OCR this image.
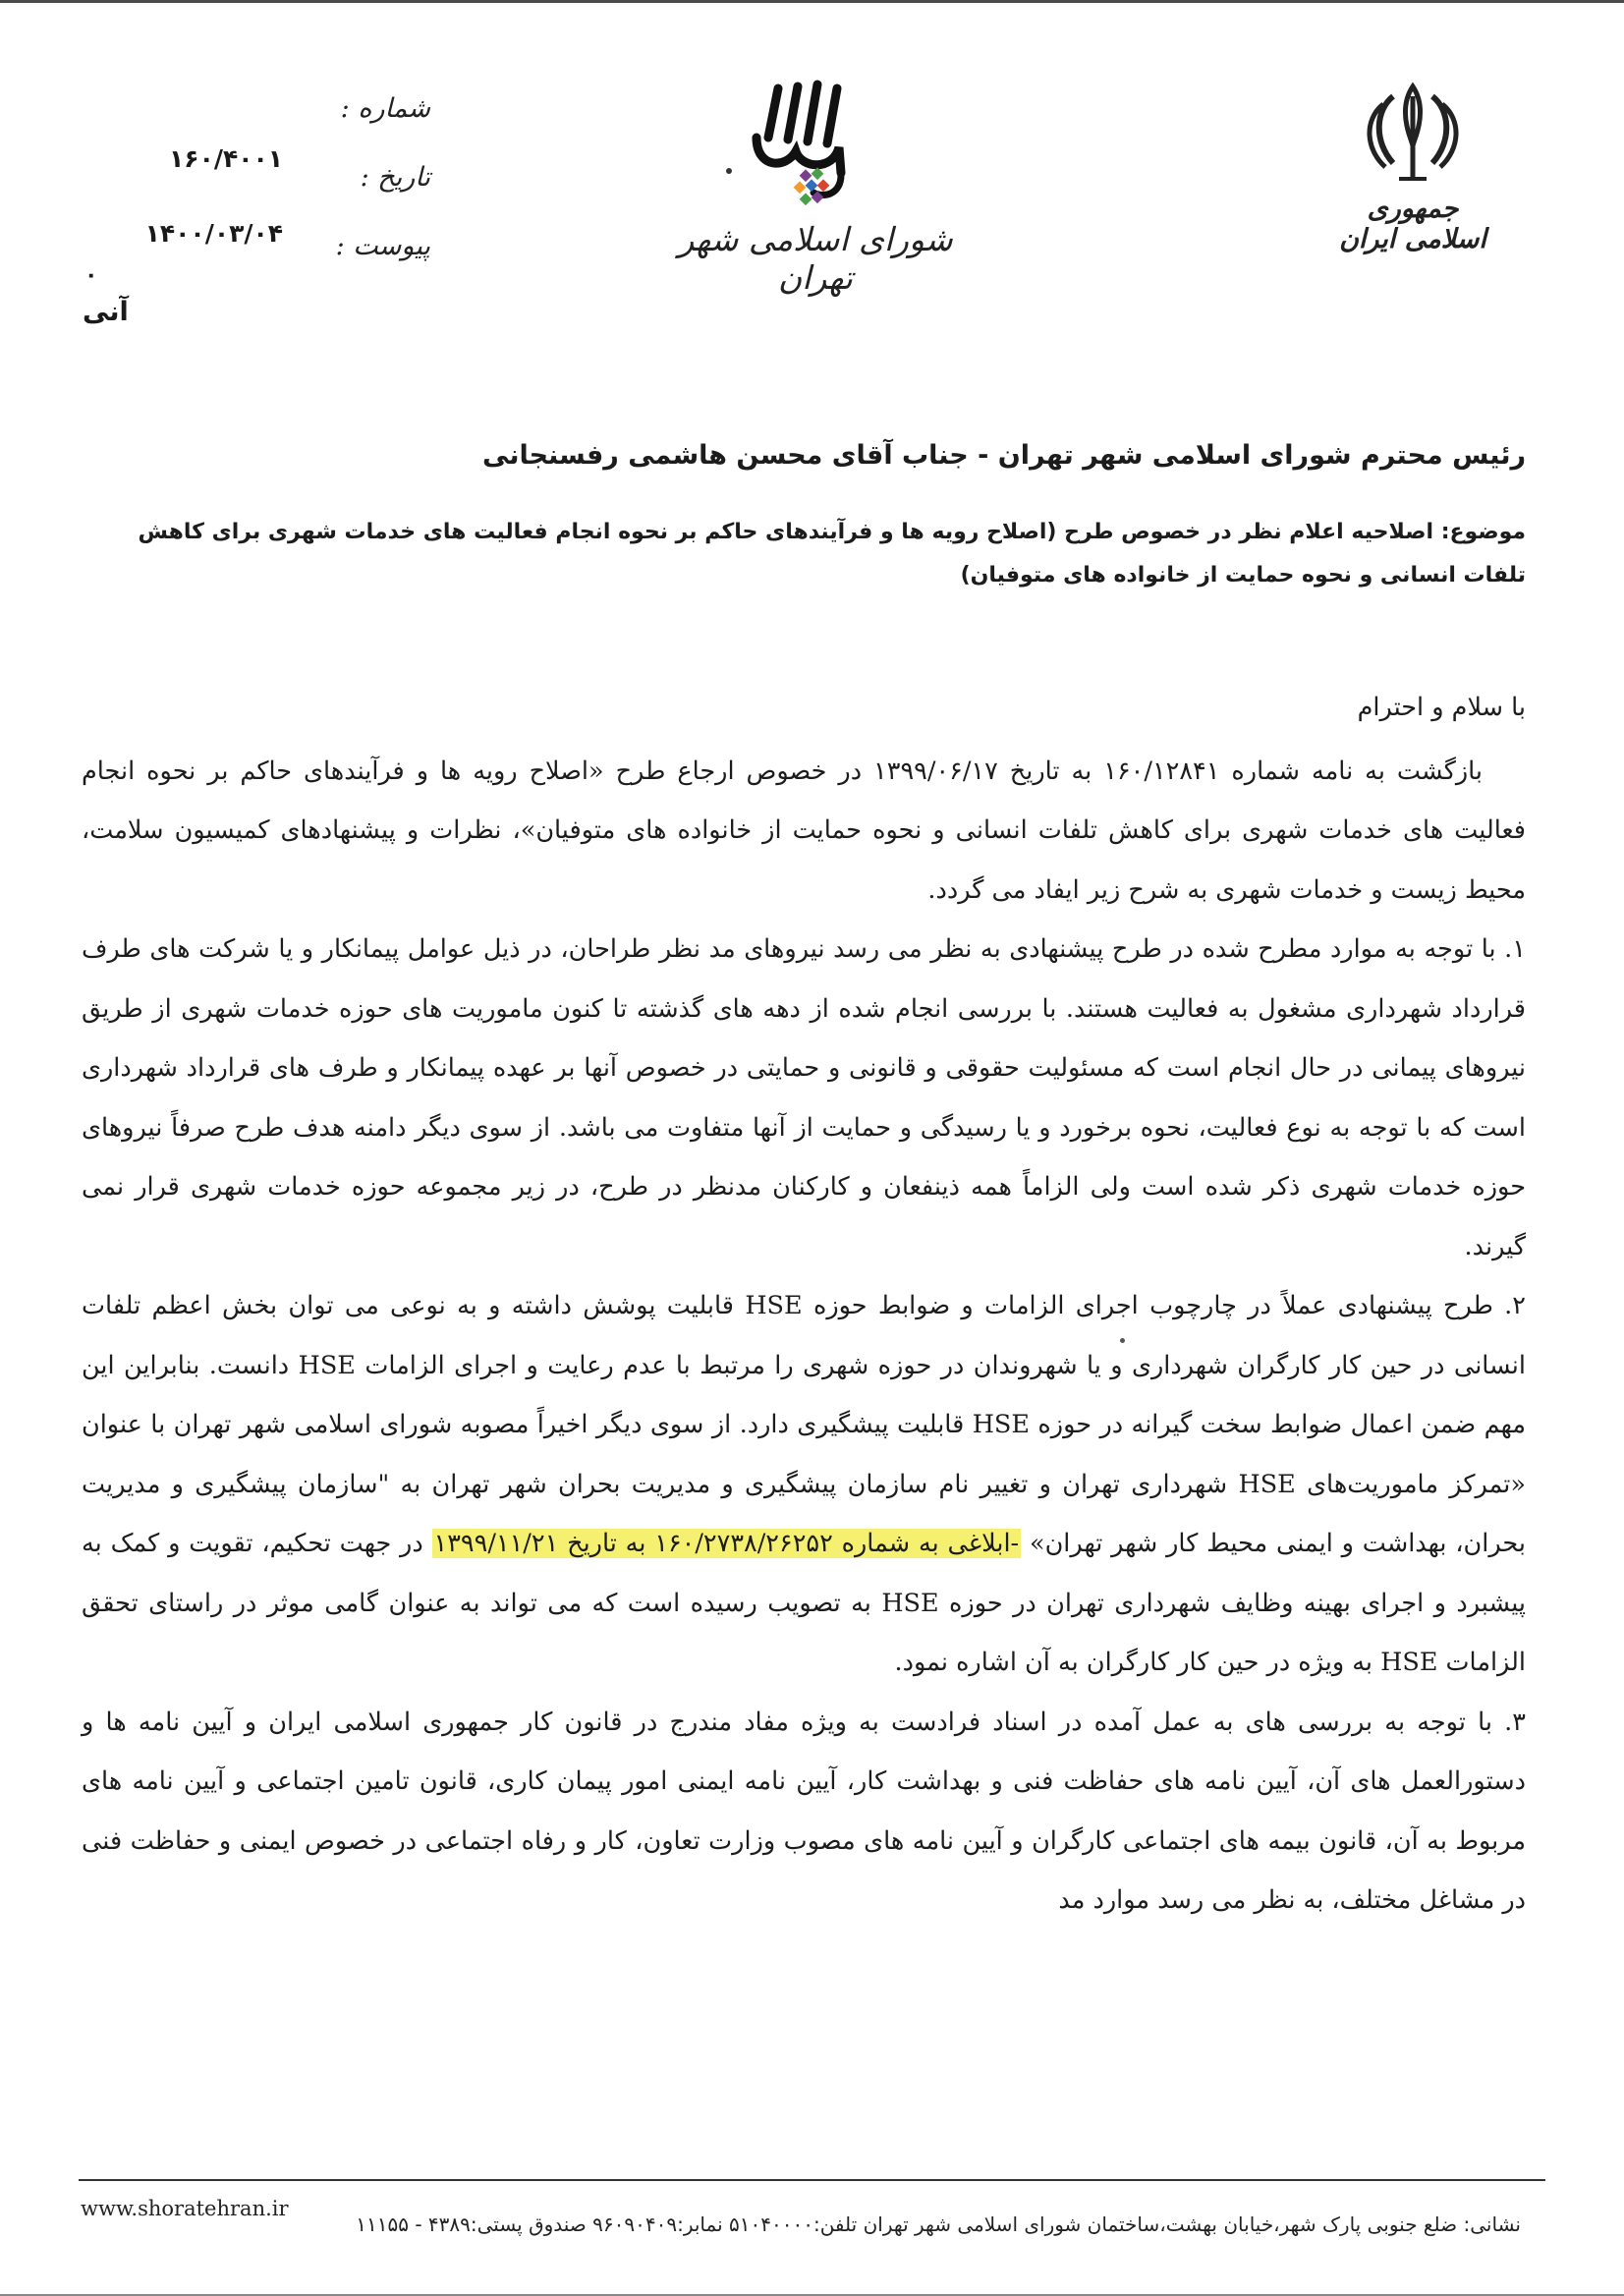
جمهوری اسلامی ایران
شورای اسلامی شهر تهران
شماره :
۱۶۰/۴۰۰۱
تاریخ :
۱۴۰۰/۰۳/۰۴ پیوست :
۰
آنی
رئیس محترم شورای اسلامی شهر تهران - جناب آقای محسن هاشمی رفسنجانی
موضوع: اصلاحیه اعلام نظر در خصوص طرح (اصلاح رویه ها و فرآیندهای حاکم بر نحوه انجام فعالیت های خدمات شهری برای کاهش تلفات انسانی و نحوه حمایت از خانواده های متوفیان)

با سلام و احترام

بازگشت به نامه شماره ۱۶۰/۱۲۸۴۱ به تاریخ ۱۳۹۹/۰۶/۱۷ در خصوص ارجاع طرح «اصلاح رویه ها و فرآیندهای حاکم بر نحوه انجام فعالیت های خدمات شهری برای کاهش تلفات انسانی و نحوه حمایت از خانواده های متوفیان»، نظرات و پیشنهادهای کمیسیون سلامت، محیط زیست و خدمات شهری به شرح زیر ایفاد می گردد.

۱. با توجه به موارد مطرح شده در طرح پیشنهادی به نظر می رسد نیروهای مد نظر طراحان، در ذیل عوامل پیمانکار و یا شرکت های طرف قرارداد شهرداری مشغول به فعالیت هستند. با بررسی انجام شده از دهه های گذشته تا کنون ماموریت های حوزه خدمات شهری از طریق نیروهای پیمانی در حال انجام است که مسئولیت حقوقی و قانونی و حمایتی در خصوص آنها بر عهده پیمانکار و طرف های قرارداد شهرداری است که با توجه به نوع فعالیت، نحوه برخورد و یا رسیدگی و حمایت از آنها متفاوت می باشد. از سوی دیگر دامنه هدف طرح صرفاً نیروهای حوزه خدمات شهری ذکر شده است ولی الزاماً همه ذینفعان و کارکنان مدنظر در طرح، در زیر مجموعه حوزه خدمات شهری قرار نمی گیرند.

۲. طرح پیشنهادی عملاً در چارچوب اجرای الزامات و ضوابط حوزه HSE قابلیت پوشش داشته و به نوعی می توان بخش اعظم تلفات انسانی در حین کار کارگران شهرداری و یا شهروندان در حوزه شهری را مرتبط با عدم رعایت و اجرای الزامات HSE دانست. بنابراین این مهم ضمن اعمال ضوابط سخت گیرانه در حوزه HSE قابلیت پیشگیری دارد. از سوی دیگر اخیراً مصوبه شورای اسلامی شهر تهران با عنوان «تمرکز ماموریت‌های HSE شهرداری تهران و تغییر نام سازمان پیشگیری و مدیریت بحران شهر تهران به "سازمان پیشگیری و مدیریت بحران، بهداشت و ایمنی محیط کار شهر تهران» -ابلاغی به شماره ۱۶۰/۲۷۳۸/۲۶۲۵۲ به تاریخ ۱۳۹۹/۱۱/۲۱ در جهت تحکیم، تقویت و کمک به پیشبرد و اجرای بهینه وظایف شهرداری تهران در حوزه HSE به تصویب رسیده است که می تواند به عنوان گامی موثر در راستای تحقق الزامات HSE به ویژه در حین کار کارگران به آن اشاره نمود.

۳. با توجه به بررسی های به عمل آمده در اسناد فرادست به ویژه مفاد مندرج در قانون کار جمهوری اسلامی ایران و آیین نامه ها و دستورالعمل های آن، آیین نامه های حفاظت فنی و بهداشت کار، آیین نامه ایمنی امور پیمان کاری، قانون تامین اجتماعی و آیین نامه های مربوط به آن، قانون بیمه های اجتماعی کارگران و آیین نامه های مصوب وزارت تعاون، کار و رفاه اجتماعی در خصوص ایمنی و حفاظت فنی در مشاغل مختلف، به نظر می رسد موارد مد

نشانی: ضلع جنوبی پارک شهر،خیابان بهشت،ساختمان شورای اسلامی شهر تهران تلفن:۵۱۰۴۰۰۰۰ نمابر:۹۶۰۹۰۴۰۹ صندوق پستی:۴۳۸۹ - ۱۱۱۵۵
www.shoratehran.ir
